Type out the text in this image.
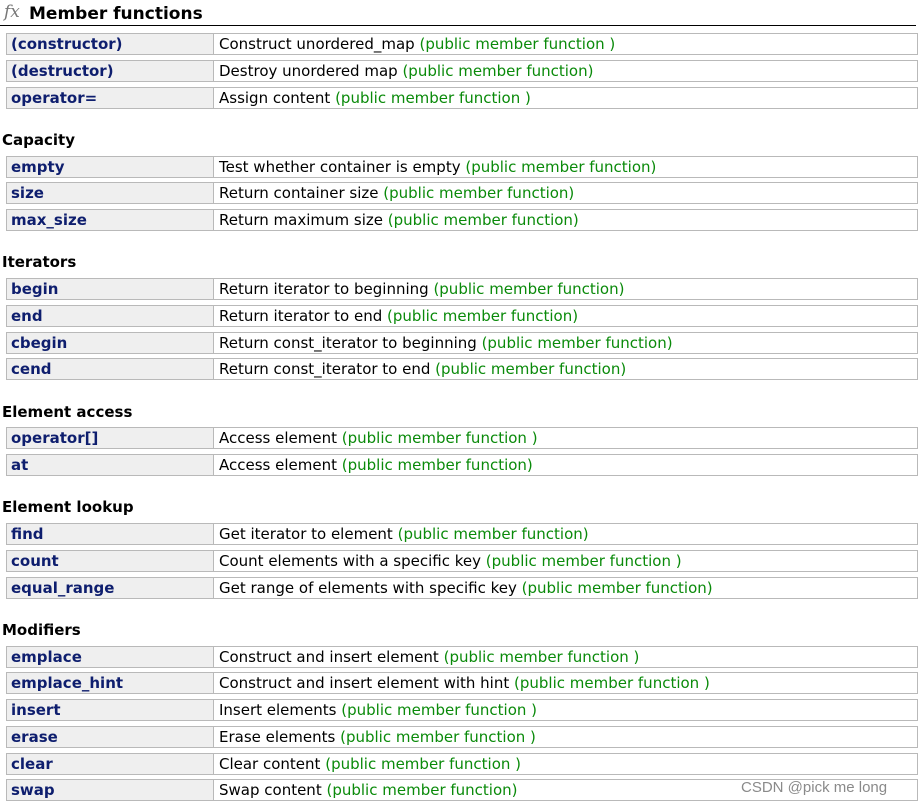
fx Member functions
(constructor)	Construct unordered_map (public member function )
(destructor)	Destroy unordered map (public member function)
operator=	Assign content (public member function )
Capacity
empty	Test whether container is empty (public member function)
size	Return container size (public member function)
max_size	Return maximum size (public member function)
Iterators
begin	Return iterator to beginning (public member function)
end	Return iterator to end (public member function)
cbegin	Return const_iterator to beginning (public member function)
cend	Return const_iterator to end (public member function)
Element access
operator[]	Access element (public member function )
at	Access element (public member function)
Element lookup
find	Get iterator to element (public member function)
count	Count elements with a specific key (public member function )
equal_range	Get range of elements with specific key (public member function)
Modifiers
emplace	Construct and insert element (public member function )
emplace_hint	Construct and insert element with hint (public member function )
insert	Insert elements (public member function )
erase	Erase elements (public member function )
clear	Clear content (public member function )
swap	Swap content (public member function)	CSDN @pick me long
